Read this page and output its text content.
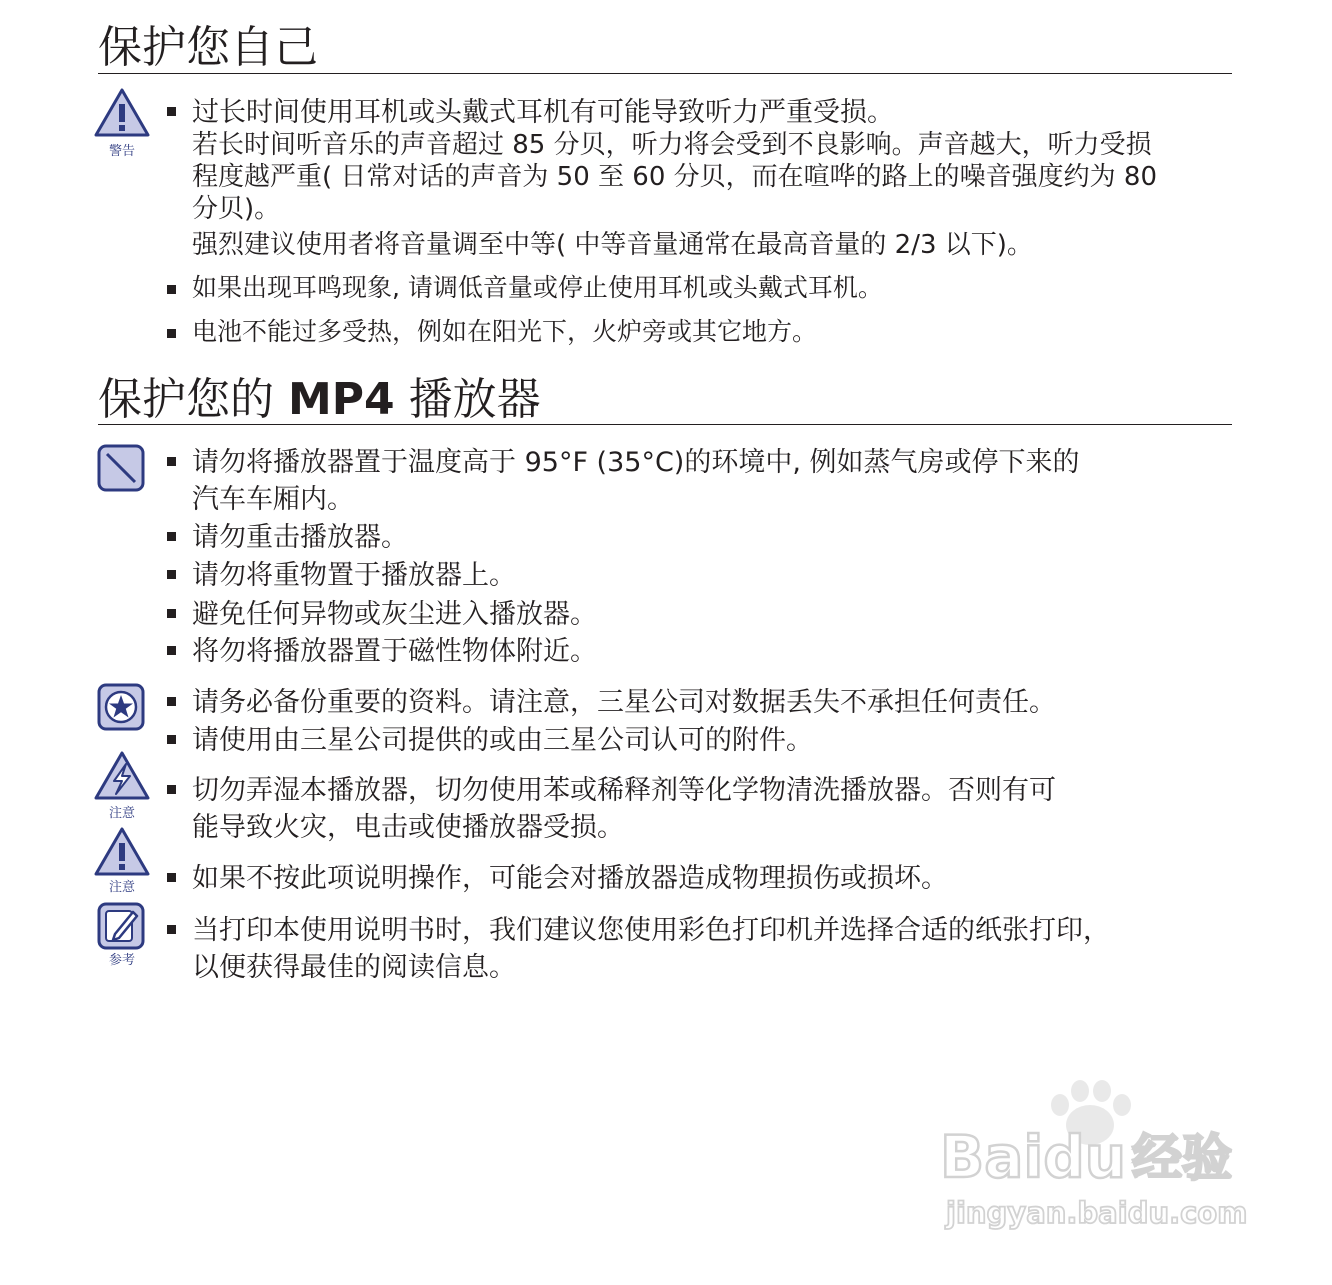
保护您自己
警告
过长时间使用耳机或头戴式耳机有可能导致听力严重受损。
若长时间听音乐的声音超过 85 分贝，听力将会受到不良影响。声音越大，听力受损
程度越严重( 日常对话的声音为 50 至 60 分贝，而在喧哗的路上的噪音强度约为 80
分贝)。
强烈建议使用者将音量调至中等( 中等音量通常在最高音量的 2/3 以下)。
如果出现耳鸣现象, 请调低音量或停止使用耳机或头戴式耳机。
电池不能过多受热，例如在阳光下，火炉旁或其它地方。
保护您的 MP4 播放器
请勿将播放器置于温度高于 95°F (35°C)的环境中, 例如蒸气房或停下来的
汽车车厢内。
请勿重击播放器。
请勿将重物置于播放器上。
避免任何异物或灰尘进入播放器。
将勿将播放器置于磁性物体附近。
请务必备份重要的资料。请注意，三星公司对数据丢失不承担任何责任。
请使用由三星公司提供的或由三星公司认可的附件。
注意
切勿弄湿本播放器，切勿使用苯或稀释剂等化学物清洗播放器。否则有可
能导致火灾，电击或使播放器受损。
注意	如果不按此项说明操作，可能会对播放器造成物理损伤或损坏。
参考
当打印本使用说明书时，我们建议您使用彩色打印机并选择合适的纸张打印，
以便获得最佳的阅读信息。
Baidu 经验
jingyan.baidu.com
